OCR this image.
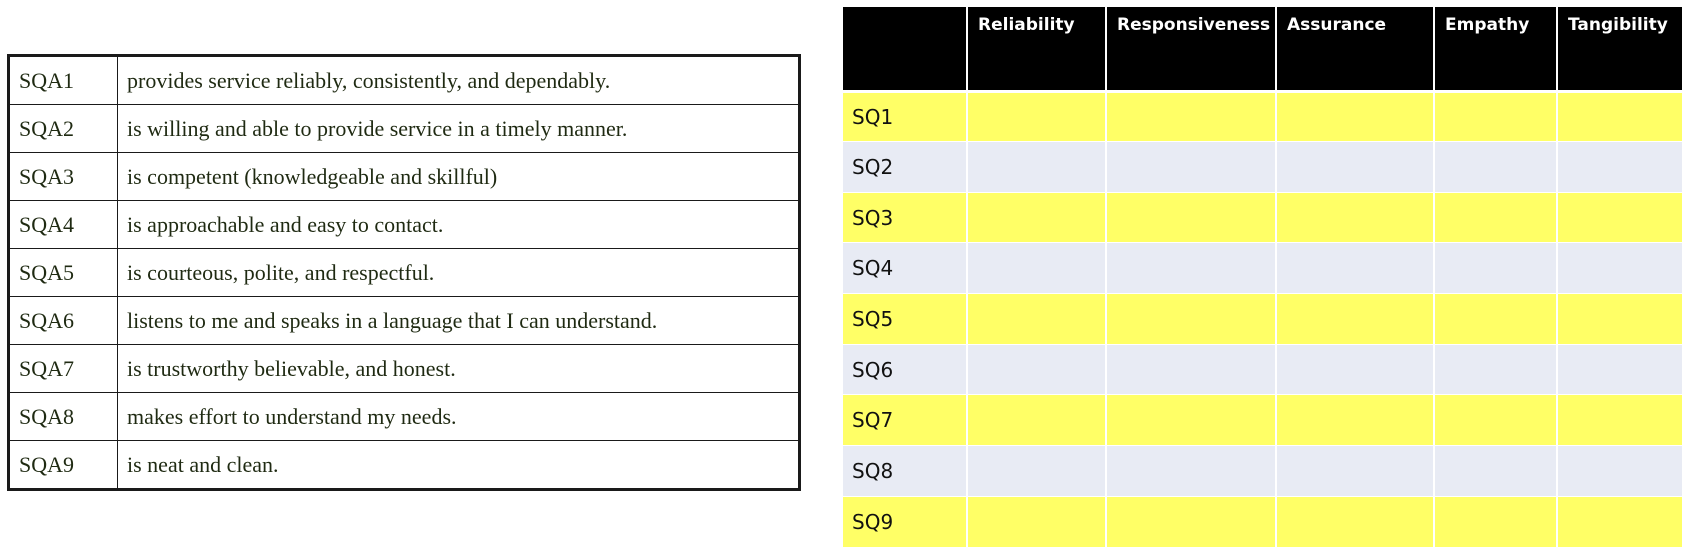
SQA1	provides service reliably, consistently, and dependably.
SQA2	is willing and able to provide service in a timely manner.
SQA3	is competent (knowledgeable and skillful)
SQA4	is approachable and easy to contact.
SQA5	is courteous, polite, and respectful.
SQA6	listens to me and speaks in a language that I can understand.
SQA7	is trustworthy believable, and honest.
SQA8	makes effort to understand my needs.
SQA9	is neat and clean.
	Reliability	Responsiveness	Assurance	Empathy	Tangibility
SQ1					
SQ2					
SQ3					
SQ4					
SQ5					
SQ6					
SQ7					
SQ8					
SQ9					
